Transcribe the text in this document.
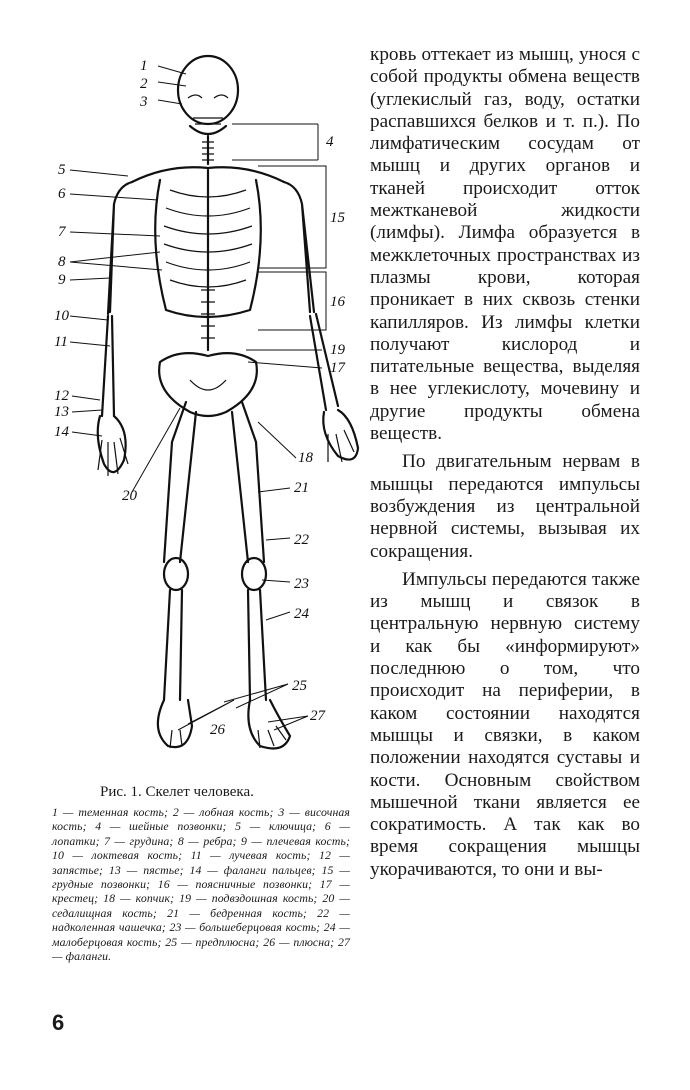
1
2
3
4
5
6
7
8
9
10
11
12
13
14
15
16
17
18
19
20	21
22
23
24
25
26
27
Рис. 1. Скелет человека.
1 — теменная кость; 2 — лобная кость; 3 — височная кость; 4 — шейные позвонки; 5 — ключица; 6 — лопатки; 7 — грудина; 8 — ребра; 9 — плечевая кость; 10 — локтевая кость; 11 — лучевая кость; 12 — запястье; 13 — пястье; 14 — фаланги пальцев; 15 — грудные позвонки; 16 — поясничные позвонки; 17 — крестец; 18 — копчик; 19 — подвздошная кость; 20 — седалищная кость; 21 — бедренная кость; 22 — надколенная чашечка; 23 — большеберцовая кость; 24 — малоберцовая кость; 25 — предплюсна; 26 — плюсна; 27 — фаланги.

кровь оттекает из мышц, унося с собой продукты обмена веществ (углекислый газ, воду, остатки распавшихся белков и т. п.). По лимфатическим сосудам от мышц и других органов и тканей происходит отток межтканевой жидкости (лимфы). Лимфа образуется в межклеточных пространствах из плазмы крови, которая проникает в них сквозь стенки капилляров. Из лимфы клетки получают кислород и питательные вещества, выделяя в нее углекислоту, мочевину и другие продукты обмена веществ.

По двигательным нервам в мышцы передаются импульсы возбуждения из центральной нервной системы, вызывая их сокращения.

Импульсы передаются также из мышц и связок в центральную нервную систему и как бы «информируют» последнюю о том, что происходит на периферии, в каком состоянии находятся мышцы и связки, в каком положении находятся суставы и кости. Основным свойством мышечной ткани является ее сократимость. А так как во время сокращения мышцы укорачиваются, то они и вы-

6
